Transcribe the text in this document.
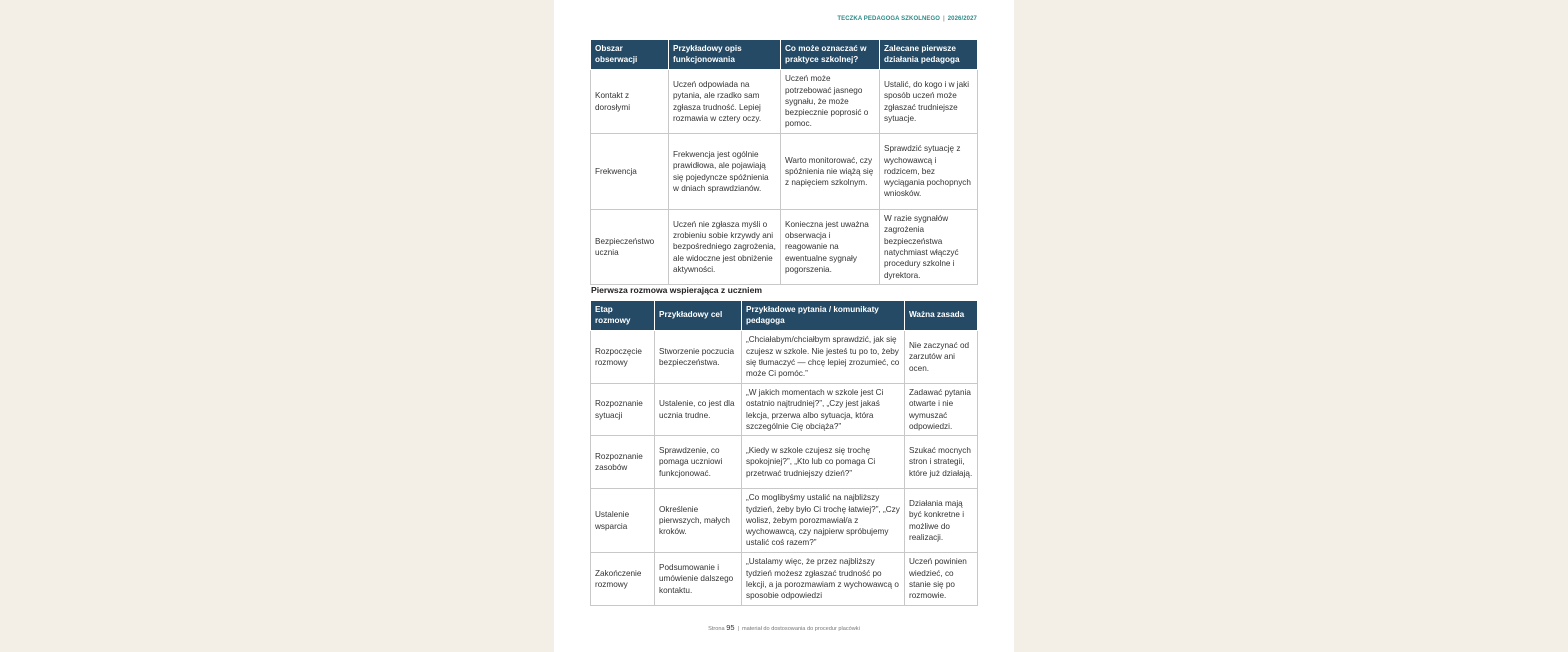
TECZKA PEDAGOGA SZKOLNEGO | 2026/2027
Obszar obserwacji	Przykładowy opis funkcjonowania	Co może oznaczać w praktyce szkolnej?	Zalecane pierwsze działania pedagoga
Kontakt z dorosłymi	Uczeń odpowiada na pytania, ale rzadko sam zgłasza trudność. Lepiej rozmawia w cztery oczy.	Uczeń może potrzebować jasnego sygnału, że może bezpiecznie poprosić o pomoc.	Ustalić, do kogo i w jaki sposób uczeń może zgłaszać trudniejsze sytuacje.
Frekwencja	Frekwencja jest ogólnie prawidłowa, ale pojawiają się pojedyncze spóźnienia w dniach sprawdzianów.	Warto monitorować, czy spóźnienia nie wiążą się z napięciem szkolnym.	Sprawdzić sytuację z wychowawcą i rodzicem, bez wyciągania pochopnych wniosków.
Bezpieczeństwo ucznia	Uczeń nie zgłasza myśli o zrobieniu sobie krzywdy ani bezpośredniego zagrożenia, ale widoczne jest obniżenie aktywności.	Konieczna jest uważna obserwacja i reagowanie na ewentualne sygnały pogorszenia.	W razie sygnałów zagrożenia bezpieczeństwa natychmiast włączyć procedury szkolne i dyrektora.
Pierwsza rozmowa wspierająca z uczniem
Etap rozmowy	Przykładowy cel	Przykładowe pytania / komunikaty pedagoga	Ważna zasada
Rozpoczęcie rozmowy	Stworzenie poczucia bezpieczeństwa.	„Chciałabym/chciałbym sprawdzić, jak się czujesz w szkole. Nie jesteś tu po to, żeby się tłumaczyć — chcę lepiej zrozumieć, co może Ci pomóc.”	Nie zaczynać od zarzutów ani ocen.
Rozpoznanie sytuacji	Ustalenie, co jest dla ucznia trudne.	„W jakich momentach w szkole jest Ci ostatnio najtrudniej?”, „Czy jest jakaś lekcja, przerwa albo sytuacja, która szczególnie Cię obciąża?”	Zadawać pytania otwarte i nie wymuszać odpowiedzi.
Rozpoznanie zasobów	Sprawdzenie, co pomaga uczniowi funkcjonować.	„Kiedy w szkole czujesz się trochę spokojniej?”, „Kto lub co pomaga Ci przetrwać trudniejszy dzień?”	Szukać mocnych stron i strategii, które już działają.
Ustalenie wsparcia	Określenie pierwszych, małych kroków.	„Co moglibyśmy ustalić na najbliższy tydzień, żeby było Ci trochę łatwiej?”, „Czy wolisz, żebym porozmawiał/a z wychowawcą, czy najpierw spróbujemy ustalić coś razem?”	Działania mają być konkretne i możliwe do realizacji.
Zakończenie rozmowy	Podsumowanie i umówienie dalszego kontaktu.	„Ustalamy więc, że przez najbliższy tydzień możesz zgłaszać trudność po lekcji, a ja porozmawiam z wychowawcą o sposobie odpowiedzi	Uczeń powinien wiedzieć, co stanie się po rozmowie.
Strona 95 | materiał do dostosowania do procedur placówki
